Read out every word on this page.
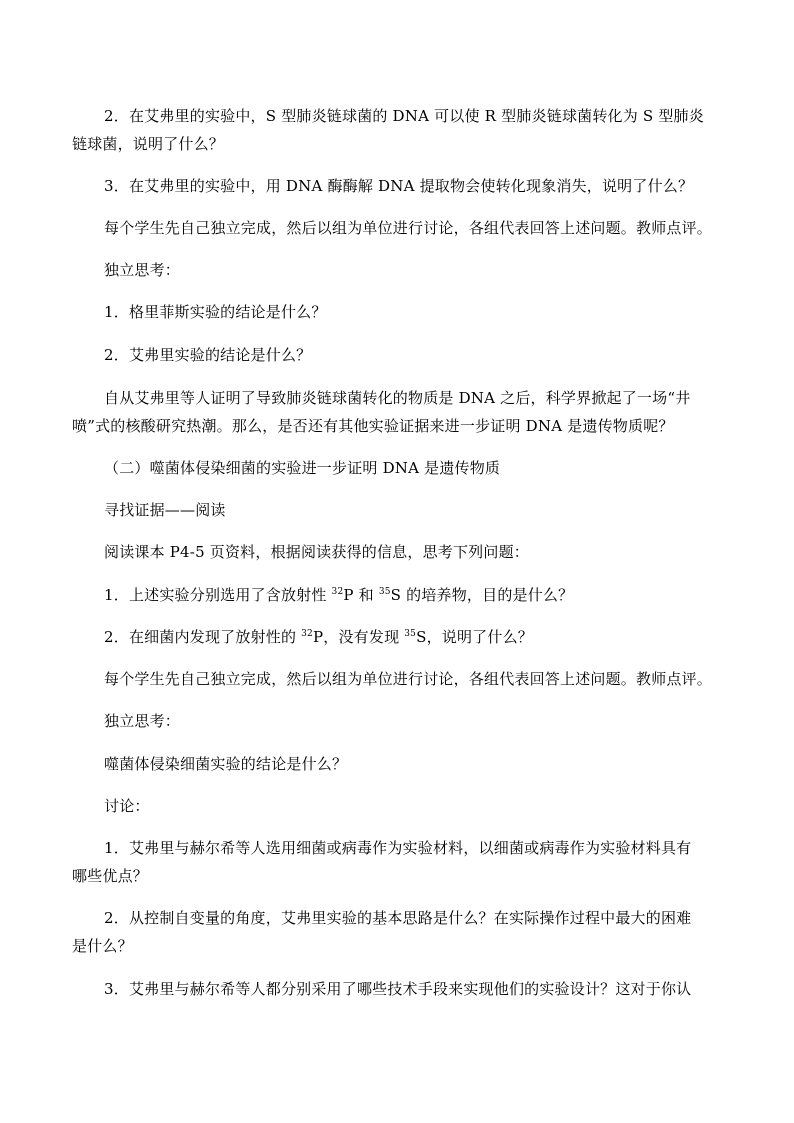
2．在艾弗里的实验中，S 型肺炎链球菌的 DNA 可以使 R 型肺炎链球菌转化为 S 型肺炎
链球菌，说明了什么？
3．在艾弗里的实验中，用 DNA 酶酶解 DNA 提取物会使转化现象消失，说明了什么？
每个学生先自己独立完成，然后以组为单位进行讨论，各组代表回答上述问题。教师点评。
独立思考：
1．格里菲斯实验的结论是什么？
2．艾弗里实验的结论是什么？
自从艾弗里等人证明了导致肺炎链球菌转化的物质是 DNA 之后，科学界掀起了一场“井
喷”式的核酸研究热潮。那么，是否还有其他实验证据来进一步证明 DNA 是遗传物质呢？
（二）噬菌体侵染细菌的实验进一步证明 DNA 是遗传物质
寻找证据——阅读
阅读课本 P4-5 页资料，根据阅读获得的信息，思考下列问题：
1．上述实验分别选用了含放射性 $^{32}$P 和 $^{35}$S 的培养物，目的是什么？
2．在细菌内发现了放射性的 $^{32}$P，没有发现 $^{35}$S，说明了什么？
每个学生先自己独立完成，然后以组为单位进行讨论，各组代表回答上述问题。教师点评。
独立思考：
噬菌体侵染细菌实验的结论是什么？
讨论：
1．艾弗里与赫尔希等人选用细菌或病毒作为实验材料，以细菌或病毒作为实验材料具有
哪些优点？
2．从控制自变量的角度，艾弗里实验的基本思路是什么？在实际操作过程中最大的困难
是什么？
3．艾弗里与赫尔希等人都分别采用了哪些技术手段来实现他们的实验设计？这对于你认
